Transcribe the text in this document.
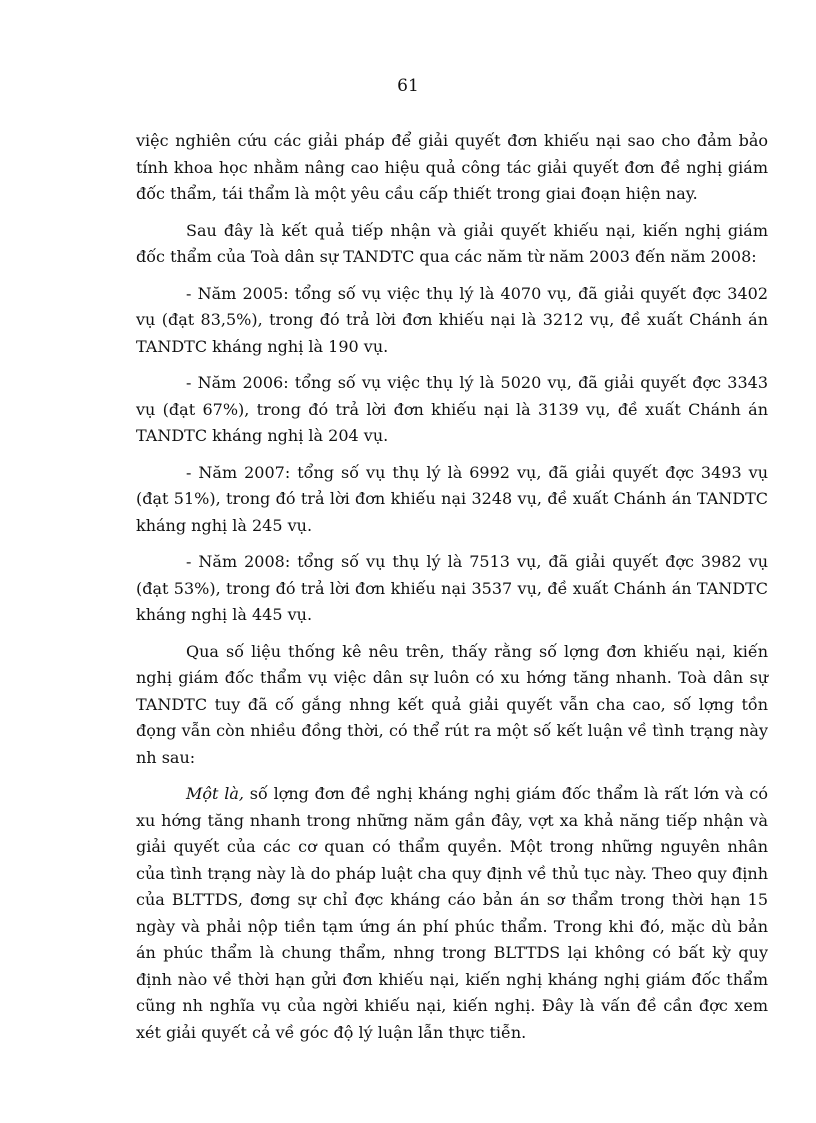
61

việc nghiên cứu các giải pháp để giải quyết đơn khiếu nại sao cho đảm bảo tính khoa học nhằm nâng cao hiệu quả công tác giải quyết đơn đề nghị giám đốc thẩm, tái thẩm là một yêu cầu cấp thiết trong giai đoạn hiện nay.

Sau đây là kết quả tiếp nhận và giải quyết khiếu nại, kiến nghị giám đốc thẩm của Toà dân sự TANDTC qua các năm từ năm 2003 đến năm 2008:

- Năm 2005: tổng số vụ việc thụ lý là 4070 vụ, đã giải quyết đợc 3402 vụ (đạt 83,5%), trong đó trả lời đơn khiếu nại là 3212 vụ, đề xuất Chánh án TANDTC kháng nghị là 190 vụ.

- Năm 2006: tổng số vụ việc thụ lý là 5020 vụ, đã giải quyết đợc 3343 vụ (đạt 67%), trong đó trả lời đơn khiếu nại là 3139 vụ, đề xuất Chánh án TANDTC kháng nghị là 204 vụ.

- Năm 2007: tổng số vụ thụ lý là 6992 vụ, đã giải quyết đợc 3493 vụ (đạt 51%), trong đó trả lời đơn khiếu nại 3248 vụ, đề xuất Chánh án TANDTC kháng nghị là 245 vụ.

- Năm 2008: tổng số vụ thụ lý là 7513 vụ, đã giải quyết đợc 3982 vụ (đạt 53%), trong đó trả lời đơn khiếu nại 3537 vụ, đề xuất Chánh án TANDTC kháng nghị là 445 vụ.

Qua số liệu thống kê nêu trên, thấy rằng số lợng đơn khiếu nại, kiến nghị giám đốc thẩm vụ việc dân sự luôn có xu hớng tăng nhanh. Toà dân sự TANDTC tuy đã cố gắng nhng kết quả giải quyết vẫn cha cao, số lợng tồn đọng vẫn còn nhiều đồng thời, có thể rút ra một số kết luận về tình trạng này nh sau:

Một là, số lợng đơn đề nghị kháng nghị giám đốc thẩm là rất lớn và có xu hớng tăng nhanh trong những năm gần đây, vợt xa khả năng tiếp nhận và giải quyết của các cơ quan có thẩm quyền. Một trong những nguyên nhân của tình trạng này là do pháp luật cha quy định về thủ tục này. Theo quy định của BLTTDS, đơng sự chỉ đợc kháng cáo bản án sơ thẩm trong thời hạn 15 ngày và phải nộp tiền tạm ứng án phí phúc thẩm. Trong khi đó, mặc dù bản án phúc thẩm là chung thẩm, nhng trong BLTTDS lại không có bất kỳ quy định nào về thời hạn gửi đơn khiếu nại, kiến nghị kháng nghị giám đốc thẩm cũng nh nghĩa vụ của ngời khiếu nại, kiến nghị. Đây là vấn đề cần đợc xem xét giải quyết cả về góc độ lý luận lẫn thực tiễn.
